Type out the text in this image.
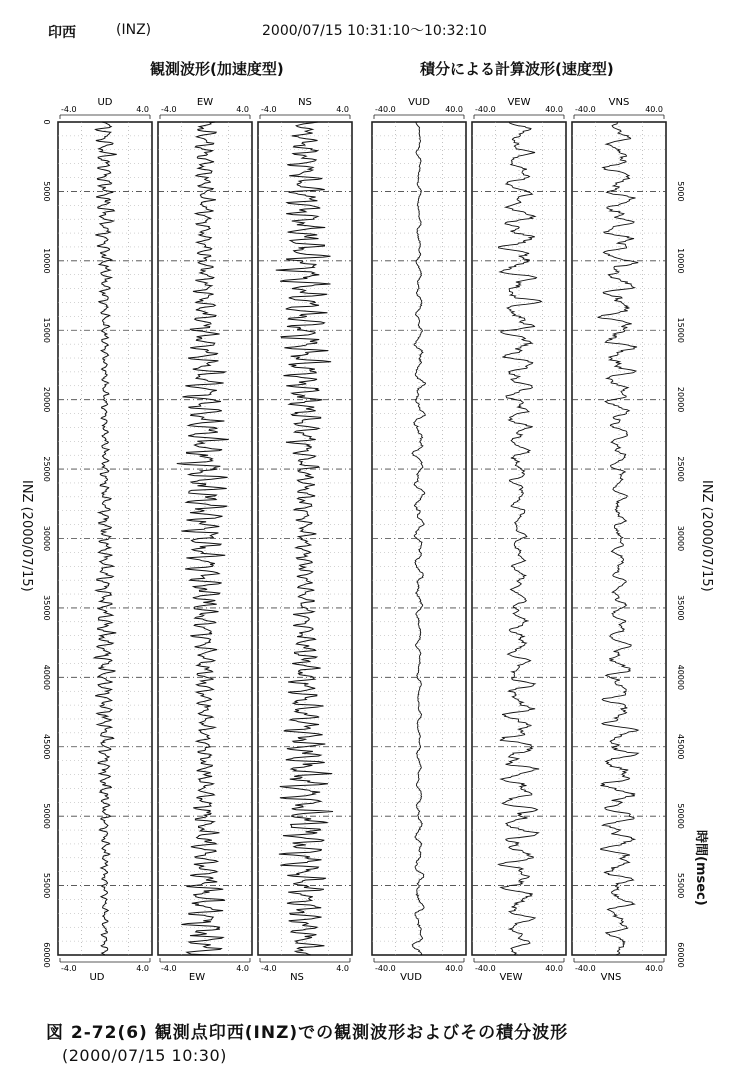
印西	(INZ)	2000/07/15 10:31:10〜10:32:10
観測波形(加速度型)	積分による計算波形(速度型)
-4.0	4.0
UD
-4.0	4.0
UD
-4.0	4.0
EW
-4.0	4.0
EW
-4.0	4.0
NS
-4.0	4.0
NS
-40.0	40.0
VUD
-40.0	40.0
VUD
-40.0	40.0
VEW
-40.0	40.0
VEW
-40.0	40.0
VNS
-40.0	40.0
VNS
0
5000
10000
15000
20000
25000
30000
35000
40000
45000
50000
55000
60000
5000
10000
15000
20000
25000
30000
35000
40000
45000
50000
55000
60000
INZ (2000/07/15)	INZ (2000/07/15)
時間(msec)
図 2-72(6) 観測点印西(INZ)での観測波形およびその積分波形
(2000/07/15 10:30)
